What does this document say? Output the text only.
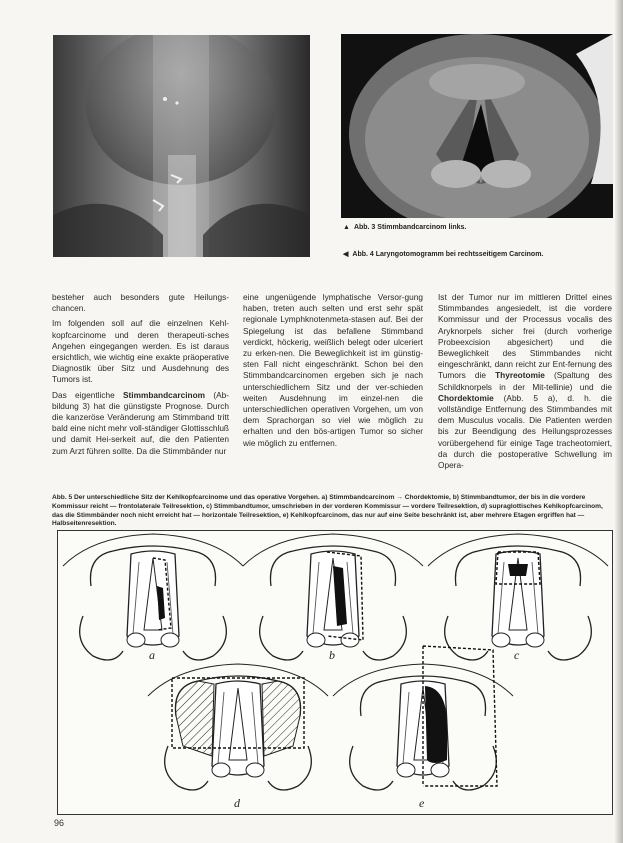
▲ Abb. 3 Stimmbandcarcinom links.
◀ Abb. 4 Laryngotomogramm bei rechtsseitigem Carcinom.

besteher auch besonders gute Heilungs-chancen.

Im folgenden soll auf die einzelnen Kehl-kopfcarcinome und deren therapeuti-sches Angehen eingegangen werden. Es ist daraus ersichtlich, wie wichtig eine exakte präoperative Diagnostik über Sitz und Ausdehnung des Tumors ist.

Das eigentliche Stimmbandcarcinom (Ab-bildung 3) hat die günstigste Prognose. Durch die kanzeröse Veränderung am Stimmband tritt bald eine nicht mehr voll-ständiger Glottisschluß und damit Hei-serkeit auf, die den Patienten zum Arzt führen sollte. Da die Stimmbänder nur

eine ungenügende lymphatische Versor-gung haben, treten auch selten und erst sehr spät regionale Lymphknotenmeta-stasen auf. Bei der Spiegelung ist das befallene Stimmband verdickt, höckerig, weißlich belegt oder ulceriert zu erken-nen. Die Beweglichkeit ist im günstig-sten Fall nicht eingeschränkt. Schon bei den Stimmbandcarcinomen ergeben sich je nach unterschiedlichem Sitz und der ver-schieden weiten Ausdehnung im einzel-nen die unterschiedlichen operativen Vorgehen, um von dem Sprachorgan so viel wie möglich zu erhalten und den bös-artigen Tumor so sicher wie möglich zu entfernen.

Ist der Tumor nur im mittleren Drittel eines Stimmbandes angesiedelt, ist die vordere Kommissur und der Processus vocalis des Aryknorpels sicher frei (durch vorherige Probeexcision abgesichert) und die Beweglichkeit des Stimmbandes nicht eingeschränkt, dann reicht zur Ent-fernung des Tumors die Thyreotomie (Spaltung des Schildknorpels in der Mit-tellinie) und die Chordektomie (Abb. 5 a), d. h. die vollständige Entfernung des Stimmbandes mit dem Musculus vocalis. Die Patienten werden bis zur Beendigung des Heilungsprozesses vorübergehend für einige Tage tracheotomiert, da durch die postoperative Schwellung im Opera-

Abb. 5 Der unterschiedliche Sitz der Kehlkopfcarcinome und das operative Vorgehen. a) Stimmbandcarcinom → Chordektomie, b) Stimmbandtumor, der bis in die vordere Kommissur reicht — frontolaterale Teilresektion, c) Stimmbandtumor, umschrieben in der vorderen Kommissur — vordere Teilresektion, d) supraglottisches Kehlkopfcarcinom, das die Stimmbänder noch nicht erreicht hat — horizontale Teilresektion, e) Kehlkopfcarcinom, das nur auf eine Seite beschränkt ist, aber mehrere Etagen ergriffen hat — Halbseitenresektion.
a	b	c
d	e
96
